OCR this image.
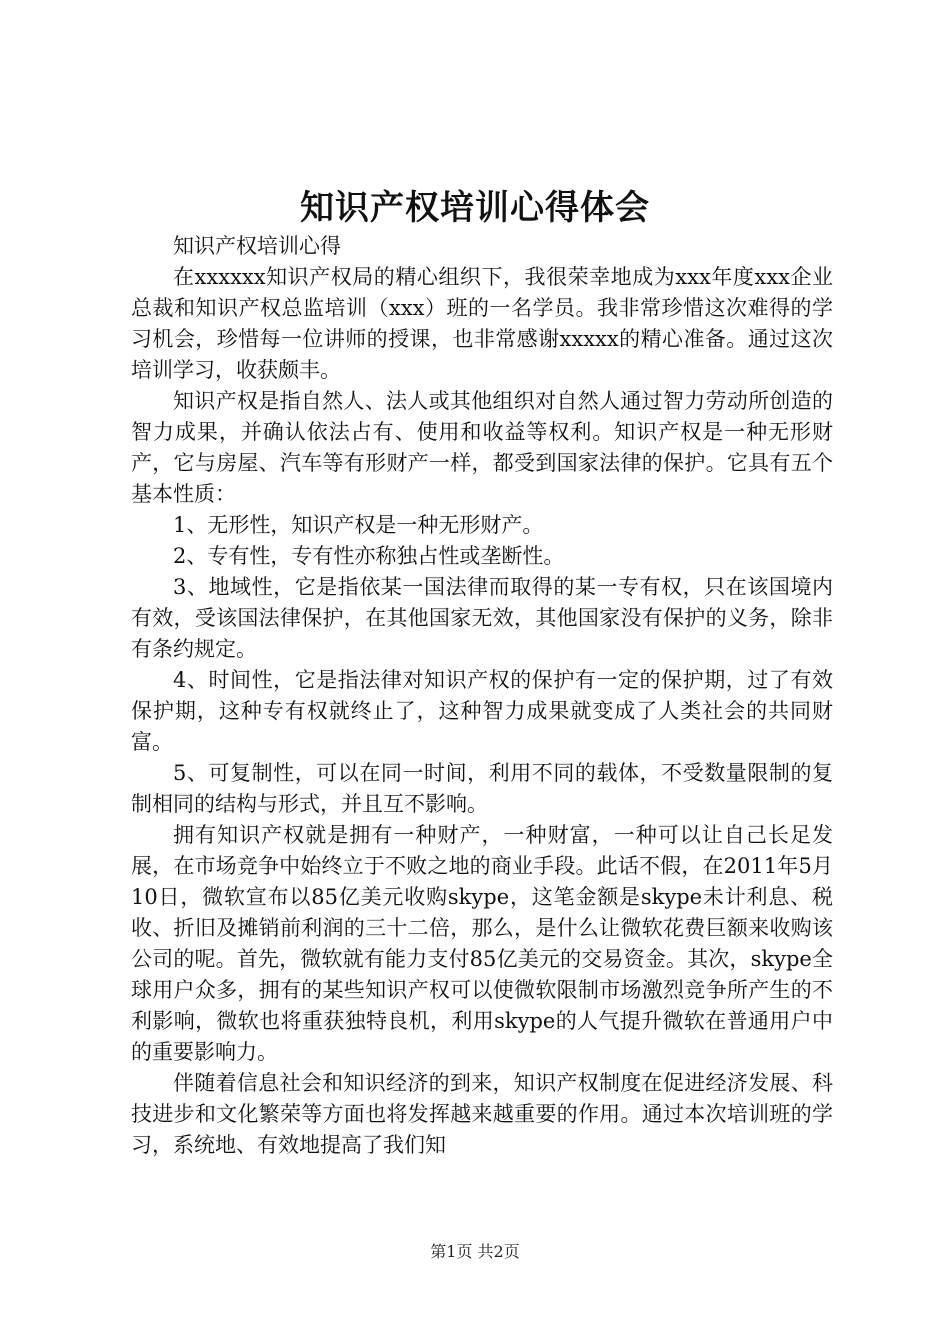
知识产权培训心得体会

知识产权培训心得

在xxxxxx知识产权局的精心组织下，我很荣幸地成为xxx年度xxx企业总裁和知识产权总监培训（xxx）班的一名学员。我非常珍惜这次难得的学习机会，珍惜每一位讲师的授课，也非常感谢xxxxx的精心准备。通过这次培训学习，收获颇丰。

知识产权是指自然人、法人或其他组织对自然人通过智力劳动所创造的智力成果，并确认依法占有、使用和收益等权利。知识产权是一种无形财产，它与房屋、汽车等有形财产一样，都受到国家法律的保护。它具有五个基本性质：

1、无形性，知识产权是一种无形财产。

2、专有性，专有性亦称独占性或垄断性。

3、地域性，它是指依某一国法律而取得的某一专有权，只在该国境内有效，受该国法律保护，在其他国家无效，其他国家没有保护的义务，除非有条约规定。

4、时间性，它是指法律对知识产权的保护有一定的保护期，过了有效保护期，这种专有权就终止了，这种智力成果就变成了人类社会的共同财富。

5、可复制性，可以在同一时间，利用不同的载体，不受数量限制的复制相同的结构与形式，并且互不影响。

拥有知识产权就是拥有一种财产，一种财富，一种可以让自己长足发展，在市场竞争中始终立于不败之地的商业手段。此话不假，在2011年5月10日，微软宣布以85亿美元收购skype，这笔金额是skype未计利息、税收、折旧及摊销前利润的三十二倍，那么，是什么让微软花费巨额来收购该公司的呢。首先，微软就有能力支付85亿美元的交易资金。其次，skype全球用户众多，拥有的某些知识产权可以使微软限制市场激烈竞争所产生的不利影响，微软也将重获独特良机，利用skype的人气提升微软在普通用户中的重要影响力。

伴随着信息社会和知识经济的到来，知识产权制度在促进经济发展、科技进步和文化繁荣等方面也将发挥越来越重要的作用。通过本次培训班的学习，系统地、有效地提高了我们知

第1页 共2页
